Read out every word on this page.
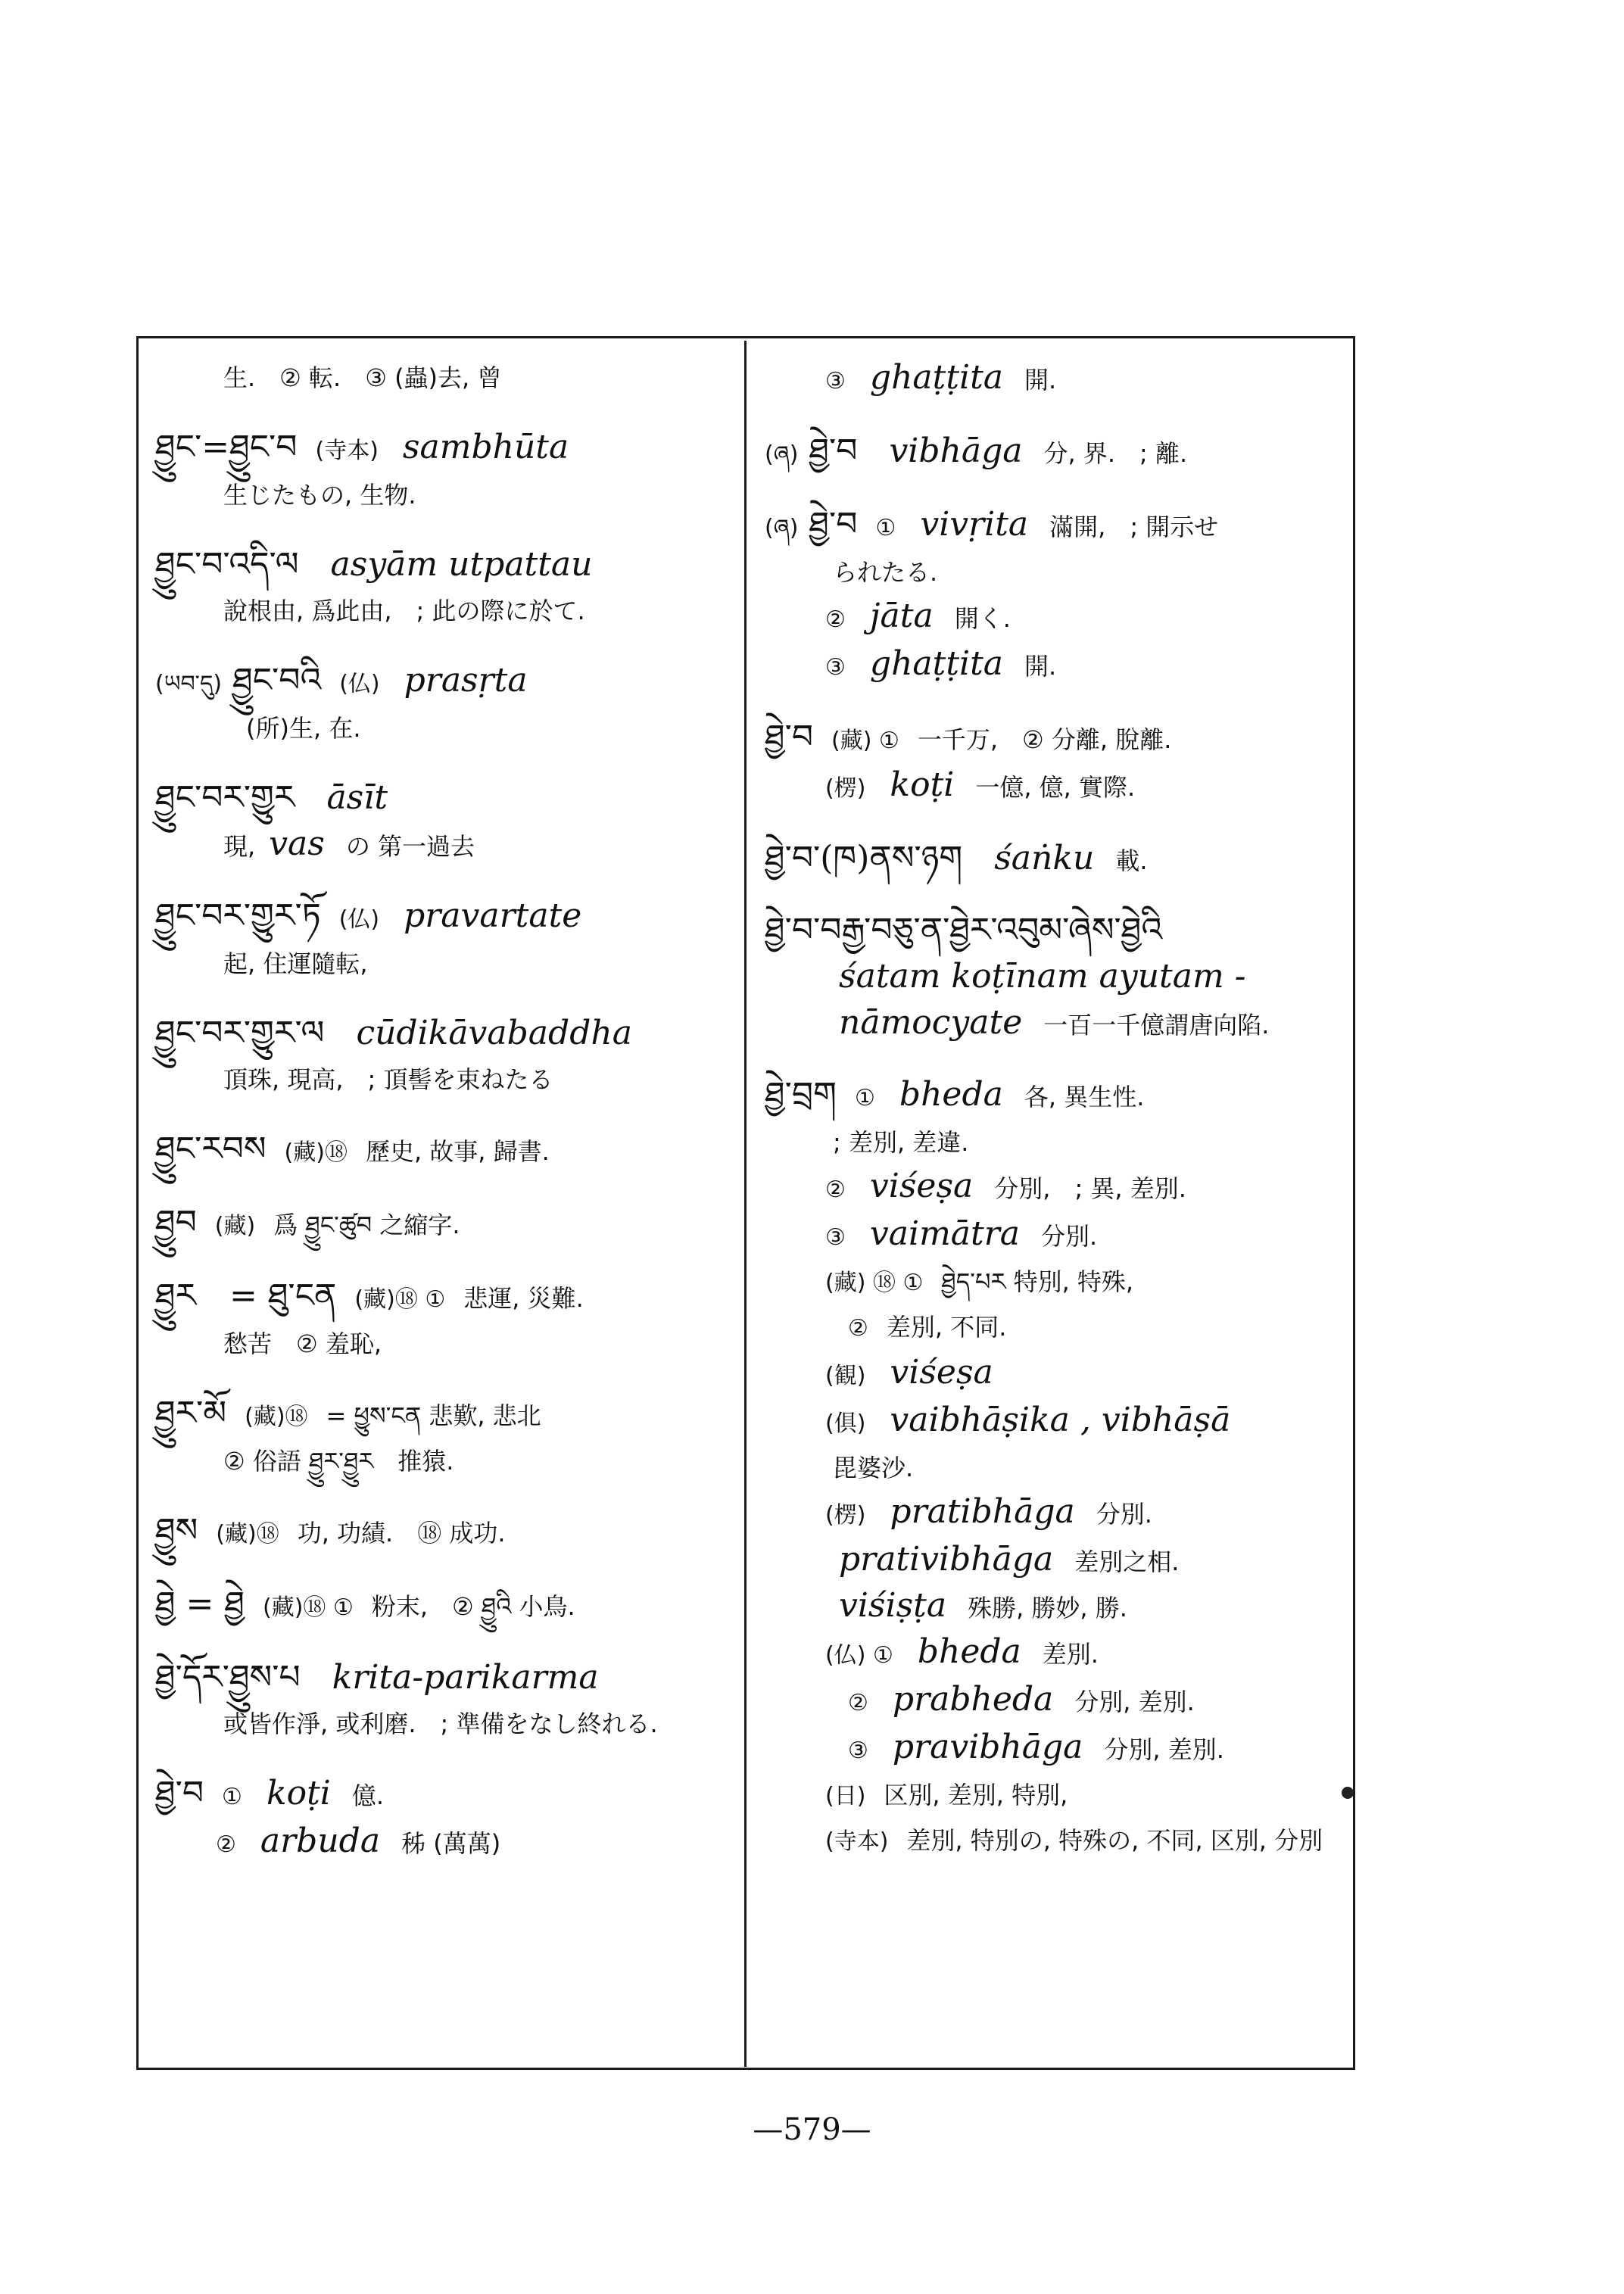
生.　② 転.　③ (蟲)去, 曾
ཐྱུང་=ཐྱུང་བ (寺本) sambhūta
生じたもの, 生物.
ཐྱུང་བ་འདི་ལ asyām utpattau
說根由, 爲此由,　; 此の際に於て.
(ཡབ་དུ) ཐྱུང་བའི (仏) prasṛta
(所)生, 在.
ཐྱུང་བར་གྱུར āsīt
現, vas の 第一過去
ཐྱུང་བར་གྱུར་ཏོ (仏) pravartate
起, 住運隨転,
ཐྱུང་བར་གྱུར་ལ cūdikāvabaddha
頂珠, 現高,　; 頂髻を束ねたる
ཐྱུང་རབས (藏)⑱ 歷史, 故事, 歸書.
ཐྱུབ (藏) 爲 ཐྱུང་ཚུབ 之縮字.
ཐྱུར　= ཐུ་ངན (藏)⑱ ① 悲運, 災難.
愁苦　② 羞恥,
ཐྱུར་མོ (藏)⑱ = ཕྱུས་ངན 悲歎, 悲北
② 俗語 ཐྱུར་ཐྱུར　推猿.
ཐྱུས (藏)⑱ 功, 功績.　⑱ 成功.
ཐྱེ = ཐྱེ (藏)⑱ ① 粉末,　② ཐྱུའི 小鳥.
ཐྱེ་དོར་ཐྱུས་པ krita-parikarma
或皆作淨, 或利磨.　; 準備をなし終れる.
ཐྱེ་བ ① koṭi 億.
② arbuda 秭 (萬萬)
③ ghaṭṭita 開.
(ཞ) ཐྱེ་བ vibhāga 分, 界.　; 離.
(ཞ) ཐྱེ་བ ① vivṛita 滿開,　; 開示せ
られたる.
② jāta 開く.
③ ghaṭṭita 開.
ཐྱེ་བ (藏) ① 一千万,　② 分離, 脫離.
(楞) koṭi 一億, 億, 實際.
ཐྱེ་བ་(ཁ)ནས་ཉག śaṅku 載.
ཐྱེ་བ་བརྒྱ་བཅུ་ན་ཐྱེར་འབུམ་ཞེས་ཐྱེའི
śatam koṭīnam ayutam -
nāmocyate 一百一千億謂唐向陷.
ཐྱེ་བྲག ① bheda 各, 異生性.
; 差別, 差違.
② viśeṣa 分別,　; 異, 差別.
③ vaimātra 分別.
(藏) ⑱ ① ཐྱེད་པར 特別, 特殊,
② 差別, 不同.
(観) viśeṣa
(俱) vaibhāṣika , vibhāṣā
毘婆沙.
(楞) pratibhāga 分別.
prativibhāga 差別之相.
viśiṣṭa 殊勝, 勝妙, 勝.
(仏) ① bheda 差別.
② prabheda 分別, 差別.
③ pravibhāga 分別, 差別.
(日) 区別, 差別, 特別,
(寺本) 差別, 特別の, 特殊の, 不同, 区別, 分別
—579—
